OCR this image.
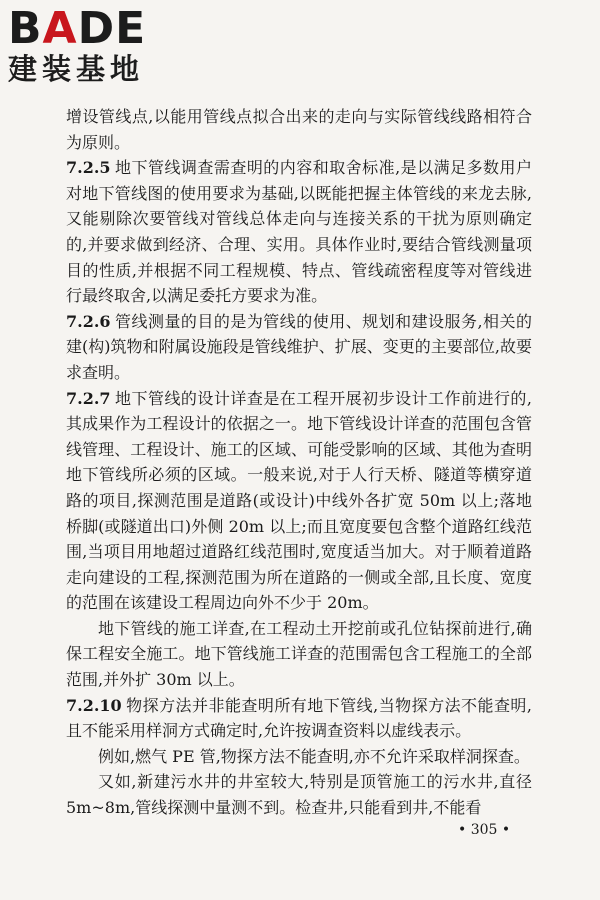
BADE
建装基地

增设管线点,以能用管线点拟合出来的走向与实际管线线路相符合为原则。

7.2.5 地下管线调查需查明的内容和取舍标准,是以满足多数用户对地下管线图的使用要求为基础,以既能把握主体管线的来龙去脉,又能剔除次要管线对管线总体走向与连接关系的干扰为原则确定的,并要求做到经济、合理、实用。具体作业时,要结合管线测量项目的性质,并根据不同工程规模、特点、管线疏密程度等对管线进行最终取舍,以满足委托方要求为准。

7.2.6 管线测量的目的是为管线的使用、规划和建设服务,相关的建(构)筑物和附属设施段是管线维护、扩展、变更的主要部位,故要求查明。

7.2.7 地下管线的设计详查是在工程开展初步设计工作前进行的,其成果作为工程设计的依据之一。地下管线设计详查的范围包含管线管理、工程设计、施工的区域、可能受影响的区域、其他为查明地下管线所必须的区域。一般来说,对于人行天桥、隧道等横穿道路的项目,探测范围是道路(或设计)中线外各扩宽 50m 以上;落地桥脚(或隧道出口)外侧 20m 以上;而且宽度要包含整个道路红线范围,当项目用地超过道路红线范围时,宽度适当加大。对于顺着道路走向建设的工程,探测范围为所在道路的一侧或全部,且长度、宽度的范围在该建设工程周边向外不少于 20m。

地下管线的施工详查,在工程动土开挖前或孔位钻探前进行,确保工程安全施工。地下管线施工详查的范围需包含工程施工的全部范围,并外扩 30m 以上。

7.2.10 物探方法并非能查明所有地下管线,当物探方法不能查明,且不能采用样洞方式确定时,允许按调查资料以虚线表示。

例如,燃气 PE 管,物探方法不能查明,亦不允许采取样洞探查。

又如,新建污水井的井室较大,特别是顶管施工的污水井,直径 5m~8m,管线探测中量测不到。检查井,只能看到井,不能看

• 305 •
